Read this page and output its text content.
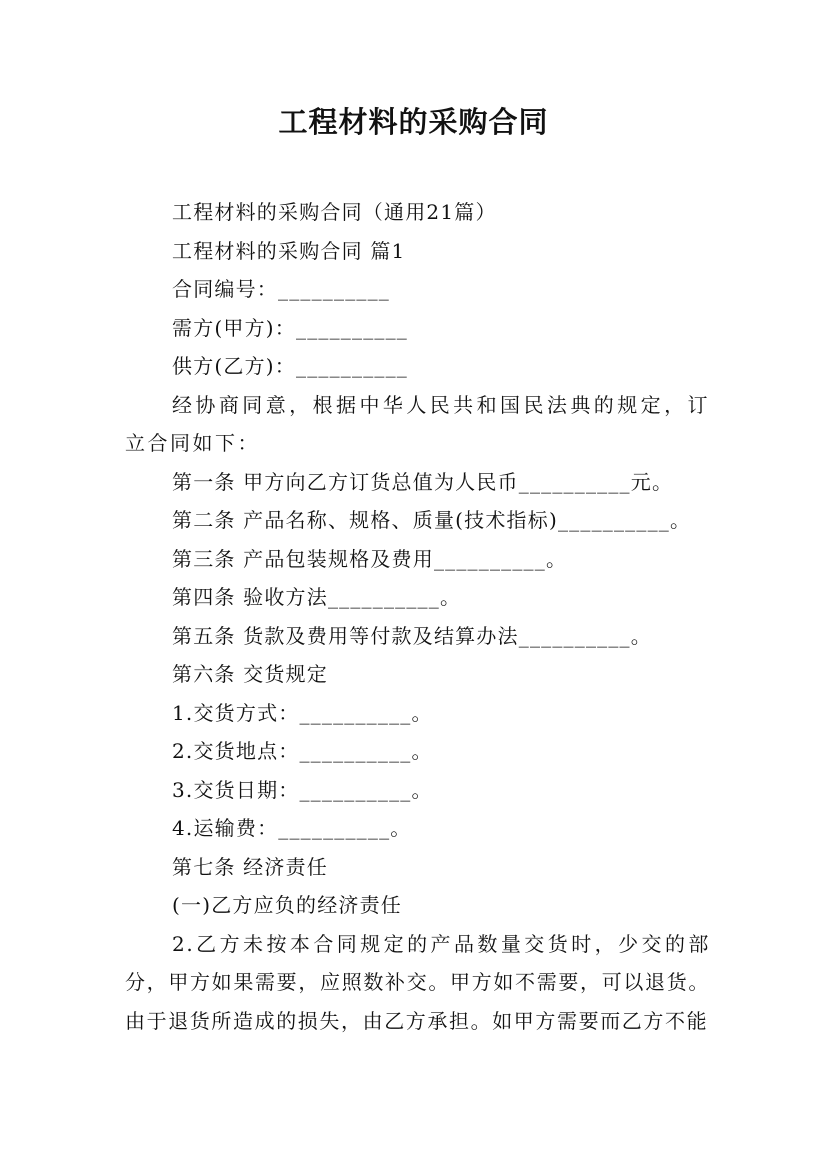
工程材料的采购合同
工程材料的采购合同（通用21篇）
工程材料的采购合同 篇1
合同编号：__________
需方(甲方)：__________
供方(乙方)：__________
经协商同意，根据中华人民共和国民法典的规定，订立合同如下：
第一条 甲方向乙方订货总值为人民币__________元。
第二条 产品名称、规格、质量(技术指标)__________。
第三条 产品包装规格及费用__________。
第四条 验收方法__________。
第五条 货款及费用等付款及结算办法__________。
第六条 交货规定
1.交货方式：__________。
2.交货地点：__________。
3.交货日期：__________。
4.运输费：__________。
第七条 经济责任
(一)乙方应负的经济责任
2.乙方未按本合同规定的产品数量交货时，少交的部分，甲方如果需要，应照数补交。甲方如不需要，可以退货。由于退货所造成的损失，由乙方承担。如甲方需要而乙方不能
